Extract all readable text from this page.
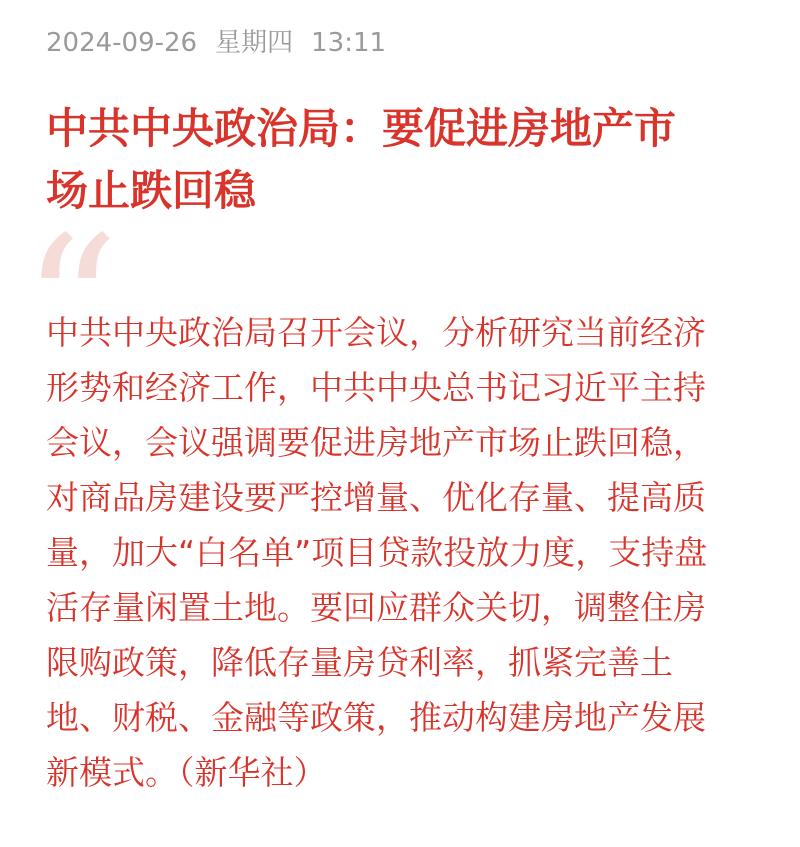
2024-09-26 星期四 13:11
中共中央政治局：要促进房地产市
场止跌回稳
“
中共中央政治局召开会议，分析研究当前经济
形势和经济工作，中共中央总书记习近平主持
会议，会议强调要促进房地产市场止跌回稳，
对商品房建设要严控增量、优化存量、提高质
量，加大“白名单”项目贷款投放力度，支持盘
活存量闲置土地。要回应群众关切，调整住房
限购政策，降低存量房贷利率，抓紧完善土
地、财税、金融等政策，推动构建房地产发展
新模式。（新华社）
